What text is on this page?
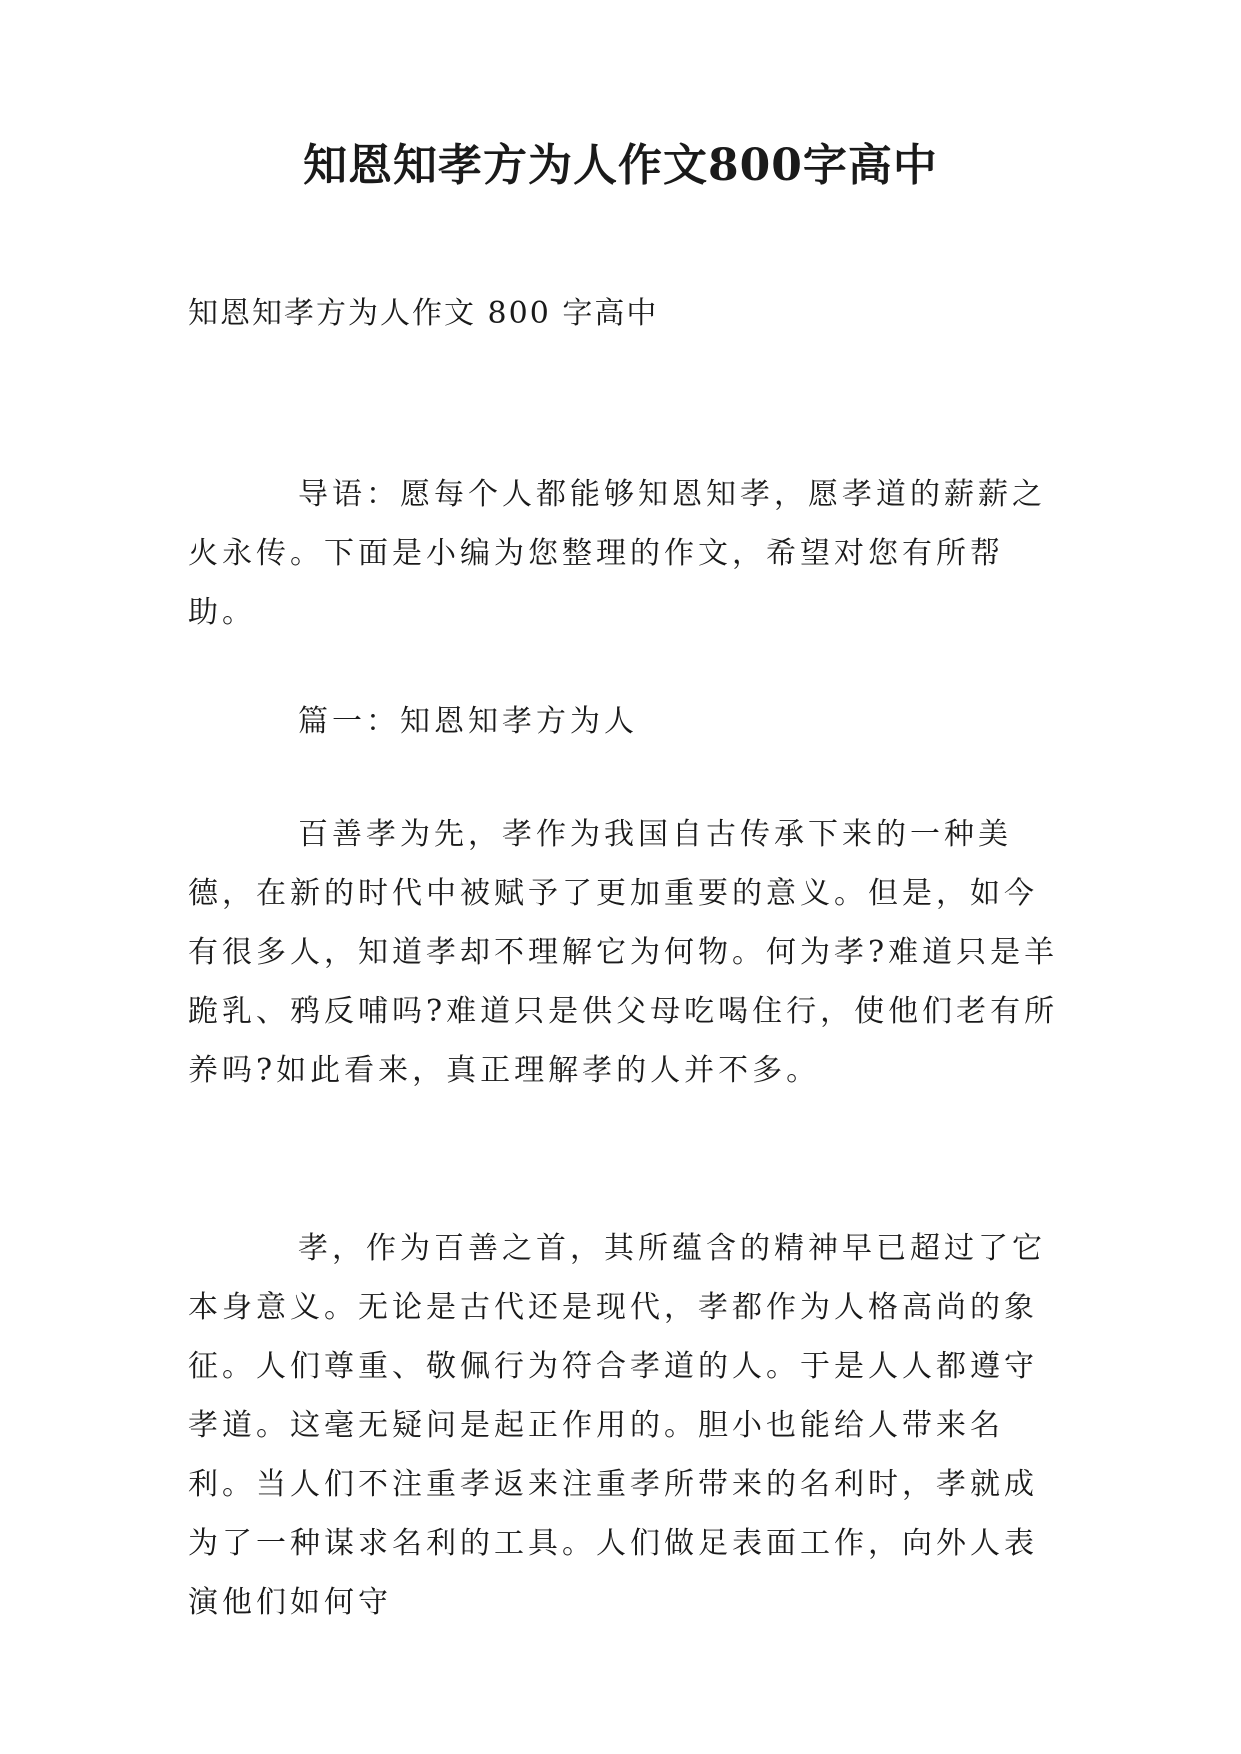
知恩知孝方为人作文800字高中
知恩知孝方为人作文 800 字高中

导语：愿每个人都能够知恩知孝，愿孝道的薪薪之火永传。下面是小编为您整理的作文，希望对您有所帮助。

篇一：知恩知孝方为人

百善孝为先，孝作为我国自古传承下来的一种美德，在新的时代中被赋予了更加重要的意义。但是，如今有很多人，知道孝却不理解它为何物。何为孝?难道只是羊跪乳、鸦反哺吗?难道只是供父母吃喝住行，使他们老有所养吗?如此看来，真正理解孝的人并不多。

孝，作为百善之首，其所蕴含的精神早已超过了它本身意义。无论是古代还是现代，孝都作为人格高尚的象征。人们尊重、敬佩行为符合孝道的人。于是人人都遵守孝道。这毫无疑问是起正作用的。胆小也能给人带来名利。当人们不注重孝返来注重孝所带来的名利时，孝就成为了一种谋求名利的工具。人们做足表面工作，向外人表演他们如何守
